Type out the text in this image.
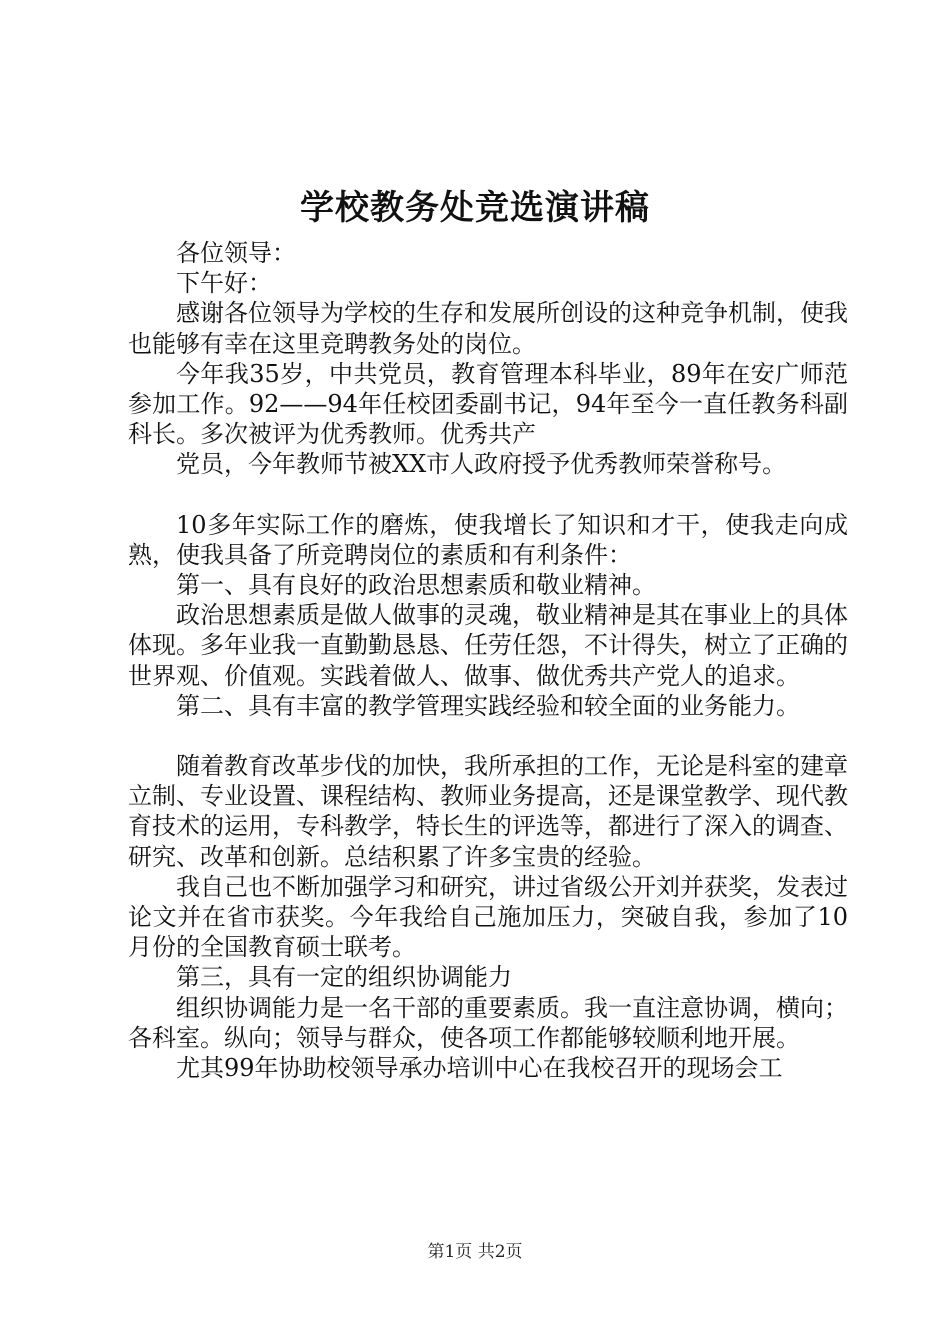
学校教务处竞选演讲稿

各位领导：

下午好：

感谢各位领导为学校的生存和发展所创设的这种竞争机制，使我也能够有幸在这里竞聘教务处的岗位。

今年我35岁，中共党员，教育管理本科毕业，89年在安广师范参加工作。92——94年任校团委副书记，94年至今一直任教务科副科长。多次被评为优秀教师。优秀共产

党员，今年教师节被XX市人政府授予优秀教师荣誉称号。

10多年实际工作的磨炼，使我增长了知识和才干，使我走向成熟，使我具备了所竞聘岗位的素质和有利条件：

第一、具有良好的政治思想素质和敬业精神。

政治思想素质是做人做事的灵魂，敬业精神是其在事业上的具体体现。多年业我一直勤勤恳恳、任劳任怨，不计得失，树立了正确的世界观、价值观。实践着做人、做事、做优秀共产党人的追求。

第二、具有丰富的教学管理实践经验和较全面的业务能力。

随着教育改革步伐的加快，我所承担的工作，无论是科室的建章立制、专业设置、课程结构、教师业务提高，还是课堂教学、现代教育技术的运用，专科教学，特长生的评选等，都进行了深入的调查、研究、改革和创新。总结积累了许多宝贵的经验。

我自己也不断加强学习和研究，讲过省级公开刘并获奖，发表过论文并在省市获奖。今年我给自己施加压力，突破自我，参加了10月份的全国教育硕士联考。

第三，具有一定的组织协调能力

组织协调能力是一名干部的重要素质。我一直注意协调，横向；各科室。纵向；领导与群众，使各项工作都能够较顺利地开展。

尤其99年协助校领导承办培训中心在我校召开的现场会工

第1页 共2页
